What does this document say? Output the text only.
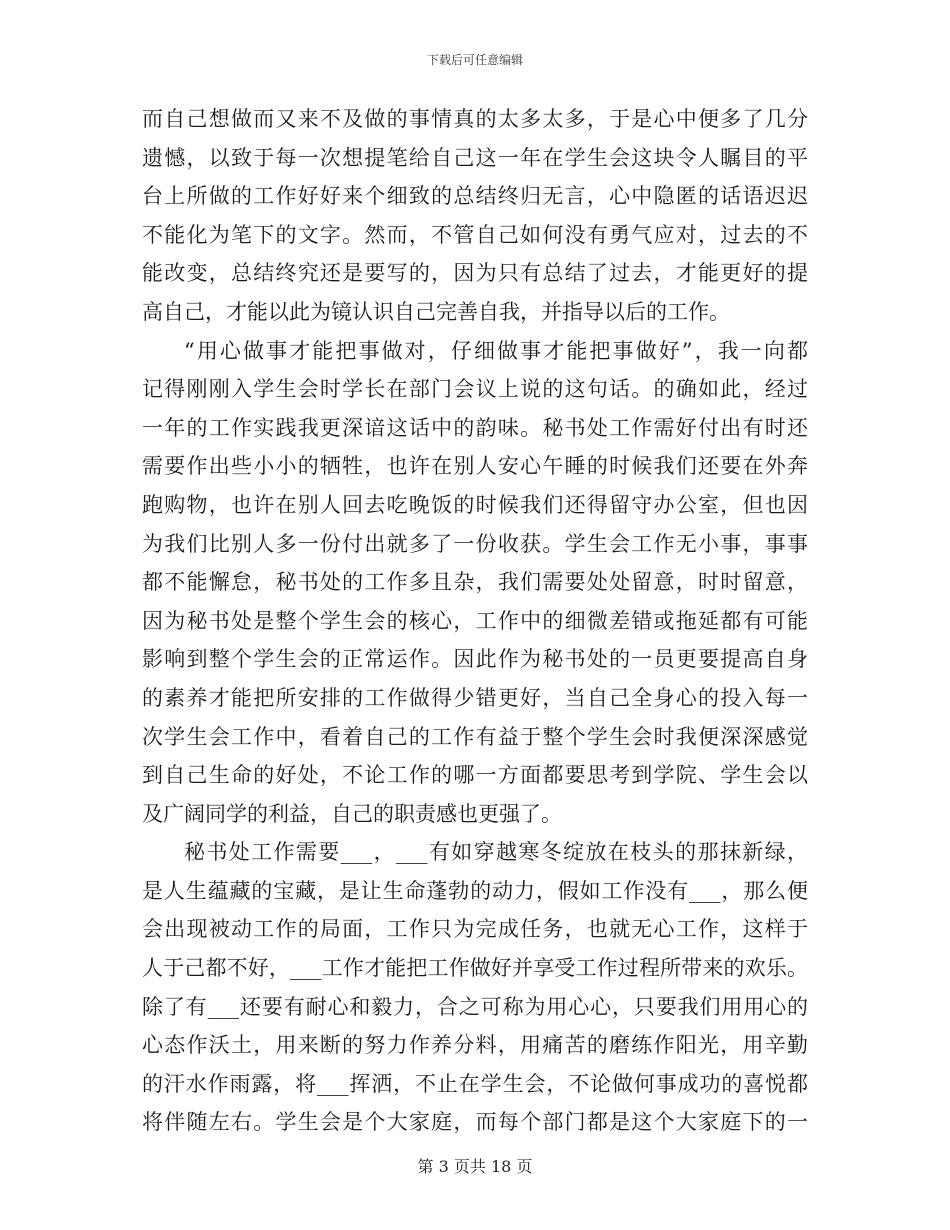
下载后可任意编辑
而自己想做而又来不及做的事情真的太多太多，于是心中便多了几分
遗憾，以致于每一次想提笔给自己这一年在学生会这块令人瞩目的平
台上所做的工作好好来个细致的总结终归无言，心中隐匿的话语迟迟
不能化为笔下的文字。然而，不管自己如何没有勇气应对，过去的不
能改变，总结终究还是要写的，因为只有总结了过去，才能更好的提
高自己，才能以此为镜认识自己完善自我，并指导以后的工作。
“用心做事才能把事做对，仔细做事才能把事做好”，我一向都
记得刚刚入学生会时学长在部门会议上说的这句话。的确如此，经过
一年的工作实践我更深谙这话中的韵味。秘书处工作需好付出有时还
需要作出些小小的牺牲，也许在别人安心午睡的时候我们还要在外奔
跑购物，也许在别人回去吃晚饭的时候我们还得留守办公室，但也因
为我们比别人多一份付出就多了一份收获。学生会工作无小事，事事
都不能懈怠，秘书处的工作多且杂，我们需要处处留意，时时留意，
因为秘书处是整个学生会的核心，工作中的细微差错或拖延都有可能
影响到整个学生会的正常运作。因此作为秘书处的一员更要提高自身
的素养才能把所安排的工作做得少错更好，当自己全身心的投入每一
次学生会工作中，看着自己的工作有益于整个学生会时我便深深感觉
到自己生命的好处，不论工作的哪一方面都要思考到学院、学生会以
及广阔同学的利益，自己的职责感也更强了。
秘书处工作需要___，___有如穿越寒冬绽放在枝头的那抹新绿，
是人生蕴藏的宝藏，是让生命蓬勃的动力，假如工作没有___，那么便
会出现被动工作的局面，工作只为完成任务，也就无心工作，这样于
人于己都不好，___工作才能把工作做好并享受工作过程所带来的欢乐。
除了有___还要有耐心和毅力，合之可称为用心心，只要我们用用心的
心态作沃土，用来断的努力作养分料，用痛苦的磨练作阳光，用辛勤
的汗水作雨露，将___挥洒，不止在学生会，不论做何事成功的喜悦都
将伴随左右。学生会是个大家庭，而每个部门都是这个大家庭下的一
第 3 页共 18 页
